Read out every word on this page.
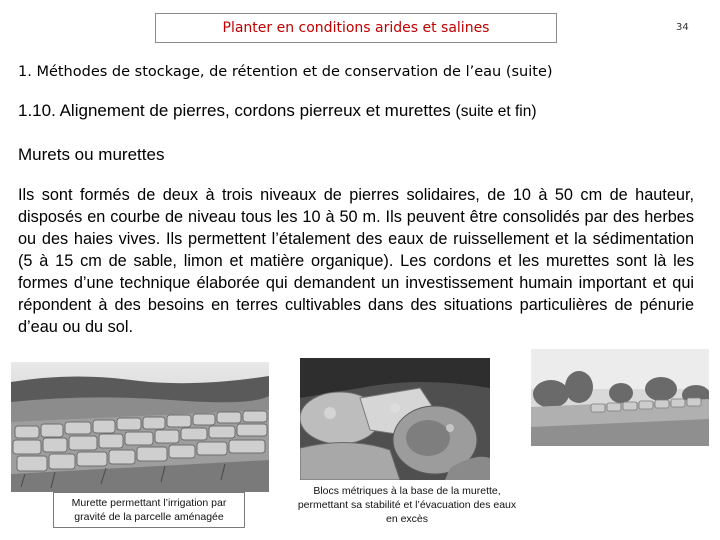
Planter en conditions arides et salines	34
1. Méthodes de stockage, de rétention et de conservation de l’eau (suite)
1.10. Alignement de pierres, cordons pierreux et murettes (suite et fin)
Murets ou murettes

Ils sont formés de deux à trois niveaux de pierres solidaires, de 10 à 50 cm de hauteur, disposés en courbe de niveau tous les 10 à 50 m. Ils peuvent être consolidés par des herbes ou des haies vives. Ils permettent l’étalement des eaux de ruissellement et la sédimentation (5 à 15 cm de sable, limon et matière organique). Les cordons et les murettes sont là les formes d’une technique élaborée qui demandent un investissement humain important et qui répondent à des besoins en terres cultivables dans des situations particulières de pénurie d’eau ou du sol.

Murette permettant l’irrigation par gravité de la parcelle aménagée
Blocs métriques à la base de la murette, permettant sa stabilité et l’évacuation des eaux en excès
